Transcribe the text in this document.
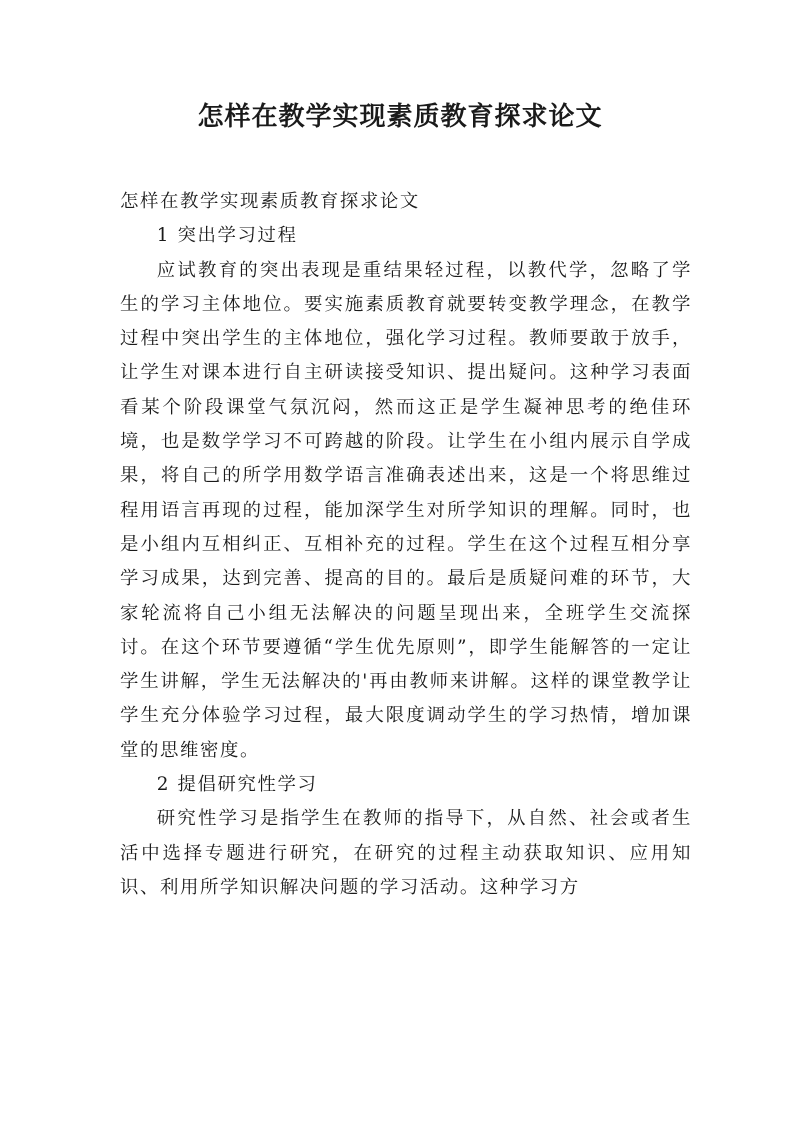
怎样在教学实现素质教育探求论文

怎样在教学实现素质教育探求论文

1 突出学习过程

应试教育的突出表现是重结果轻过程，以教代学，忽略了学生的学习主体地位。要实施素质教育就要转变教学理念，在教学过程中突出学生的主体地位，强化学习过程。教师要敢于放手，让学生对课本进行自主研读接受知识、提出疑问。这种学习表面看某个阶段课堂气氛沉闷，然而这正是学生凝神思考的绝佳环境，也是数学学习不可跨越的阶段。让学生在小组内展示自学成果，将自己的所学用数学语言准确表述出来，这是一个将思维过程用语言再现的过程，能加深学生对所学知识的理解。同时，也是小组内互相纠正、互相补充的过程。学生在这个过程互相分享学习成果，达到完善、提高的目的。最后是质疑问难的环节，大家轮流将自己小组无法解决的问题呈现出来，全班学生交流探讨。在这个环节要遵循“学生优先原则”，即学生能解答的一定让学生讲解，学生无法解决的'再由教师来讲解。这样的课堂教学让学生充分体验学习过程，最大限度调动学生的学习热情，增加课堂的思维密度。

2 提倡研究性学习

研究性学习是指学生在教师的指导下，从自然、社会或者生活中选择专题进行研究，在研究的过程主动获取知识、应用知识、利用所学知识解决问题的学习活动。这种学习方
